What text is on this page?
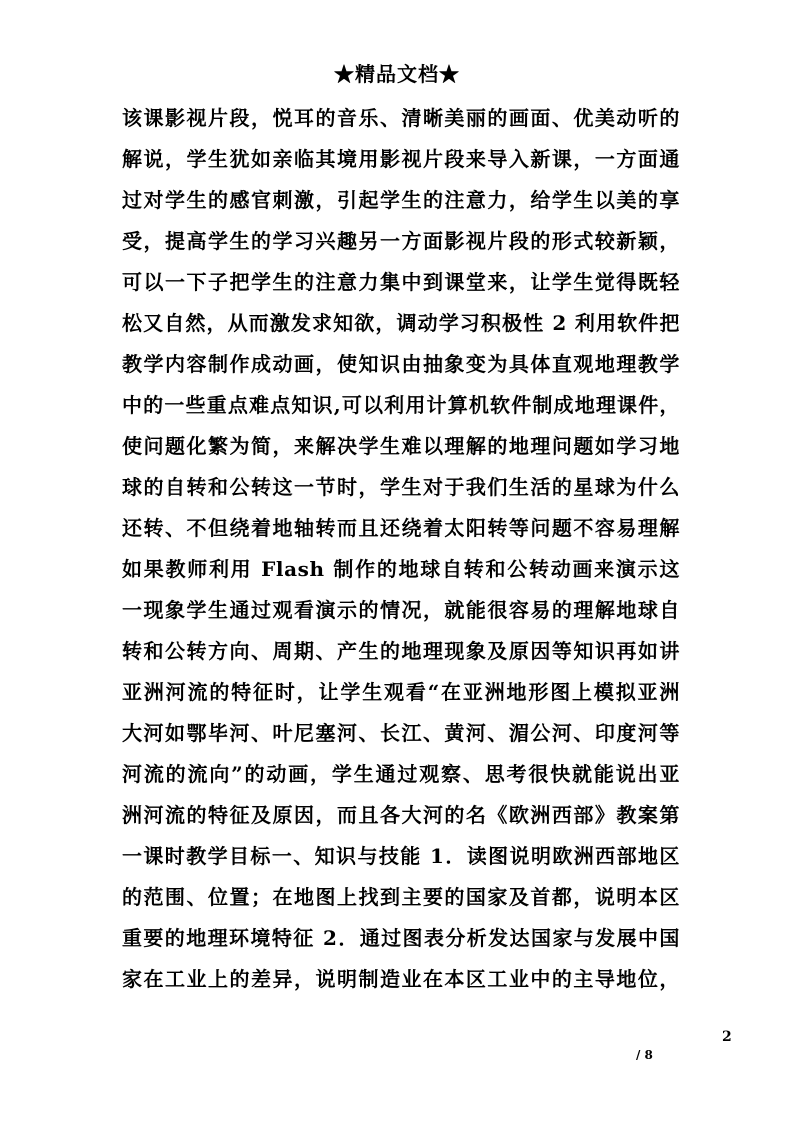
★精品文档★
该课影视片段，悦耳的音乐、清晰美丽的画面、优美动听的
解说，学生犹如亲临其境用影视片段来导入新课，一方面通
过对学生的感官刺激，引起学生的注意力，给学生以美的享
受，提高学生的学习兴趣另一方面影视片段的形式较新颖，
可以一下子把学生的注意力集中到课堂来，让学生觉得既轻
松又自然，从而激发求知欲，调动学习积极性 2 利用软件把
教学内容制作成动画，使知识由抽象变为具体直观地理教学
中的一些重点难点知识,可以利用计算机软件制成地理课件，
使问题化繁为简，来解决学生难以理解的地理问题如学习地
球的自转和公转这一节时，学生对于我们生活的星球为什么
还转、不但绕着地轴转而且还绕着太阳转等问题不容易理解
如果教师利用 Flash 制作的地球自转和公转动画来演示这
一现象学生通过观看演示的情况，就能很容易的理解地球自
转和公转方向、周期、产生的地理现象及原因等知识再如讲
亚洲河流的特征时，让学生观看“在亚洲地形图上模拟亚洲
大河如鄂毕河、叶尼塞河、长江、黄河、湄公河、印度河等
河流的流向”的动画，学生通过观察、思考很快就能说出亚
洲河流的特征及原因，而且各大河的名《欧洲西部》教案第
一课时教学目标一、知识与技能 1．读图说明欧洲西部地区
的范围、位置；在地图上找到主要的国家及首都，说明本区
重要的地理环境特征 2．通过图表分析发达国家与发展中国
家在工业上的差异，说明制造业在本区工业中的主导地位，
2
/ 8
